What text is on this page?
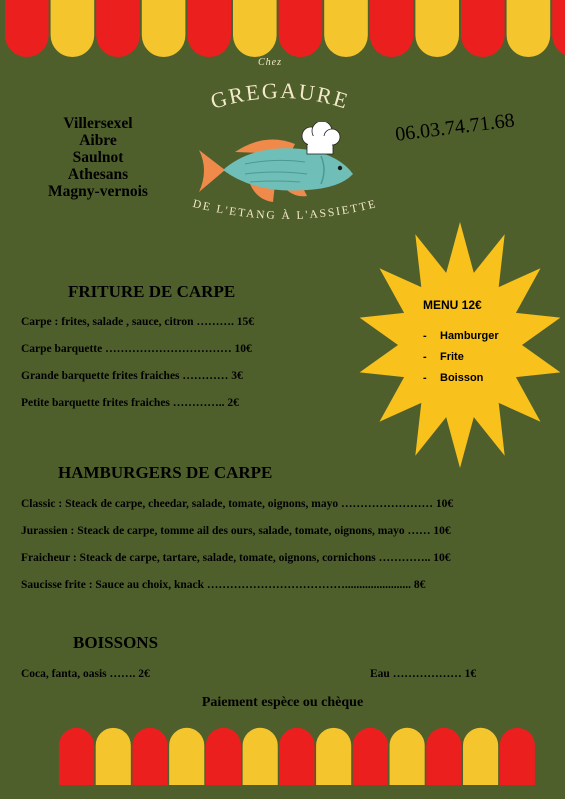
Chez
GREGAURE
Villersexel
Aibre
Saulnot
Athesans
Magny-vernois
06.03.74.71.68
DE L'ETANG À L'ASSIETTE
MENU 12€
- Hamburger
- Frite
- Boisson
FRITURE DE CARPE
Carpe : frites, salade , sauce, citron ………. 15€
Carpe barquette …………………………… 10€
Grande barquette frites fraiches ………… 3€
Petite barquette frites fraiches ………….. 2€
HAMBURGERS DE CARPE
Classic : Steack de carpe, cheedar, salade, tomate, oignons, mayo …………………… 10€
Jurassien : Steack de carpe, tomme ail des ours, salade, tomate, oignons, mayo …… 10€
Fraicheur : Steack de carpe, tartare, salade, tomate, oignons, cornichons ………….. 10€
Saucisse frite : Sauce au choix, knack ………………………………....................... 8€
BOISSONS
Coca, fanta, oasis ……. 2€	Eau ……………… 1€
Paiement espèce ou chèque
